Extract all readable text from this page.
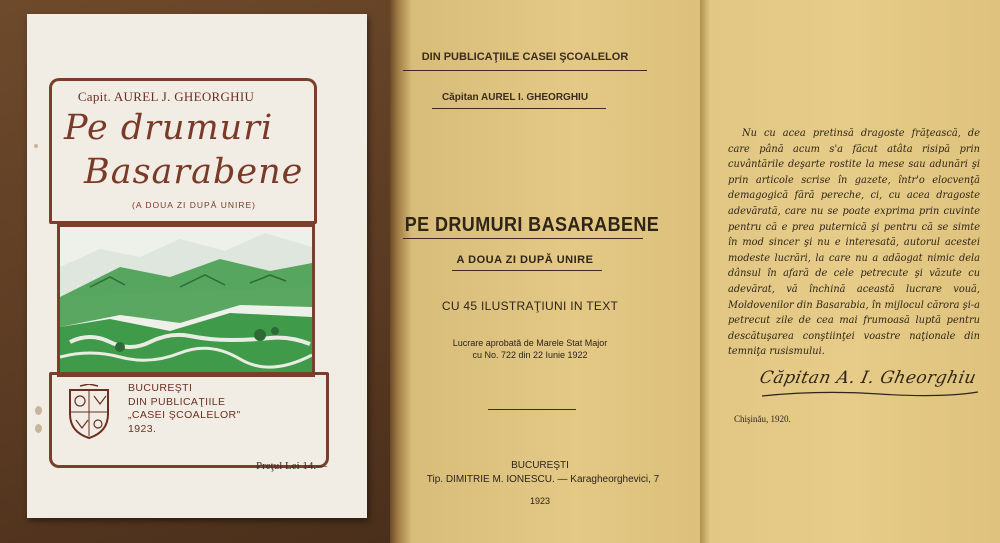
Capit. AUREL J. GHEORGHIU
Pe drumuri
Basarabene
(A DOUA ZI DUPĂ UNIRE)
BUCUREŞTI
DIN PUBLICAŢIILE
„CASEI ŞCOALELOR"
1923.
Preţul Lei 14.—
DIN PUBLICAŢIILE CASEI ŞCOALELOR
Căpitan AUREL I. GHEORGHIU
PE DRUMURI BASARABENE
A DOUA ZI DUPĂ UNIRE
CU 45 ILUSTRAŢIUNI IN TEXT
Lucrare aprobată de Marele Stat Major
cu No. 722 din 22 Iunie 1922
BUCUREŞTI
Tip. DIMITRIE M. IONESCU. — Karagheorghevici, 7
1923
Nu cu acea pretinsă dragoste frăţească, de care până acum s'a făcut atâta risipă prin cuvântările deşarte rostite la mese sau adunări şi prin articole scrise în gazete, într'o elocvenţă demagogică fără pereche, ci, cu acea dragoste adevărată, care nu se poate exprima prin cuvinte pentru că e prea puternică şi pentru că se simte în mod sincer şi nu e interesată, autorul acestei modeste lucrări, la care nu a adăogat nimic dela dânsul în afară de cele petrecute şi văzute cu adevărat, vă închină această lucrare vouă, Moldovenilor din Basarabia, în mijlocul cărora şi-a petrecut zile de cea mai frumoasă luptă pentru descătuşarea conştiinţei voastre naţionale din temniţa rusismului.
Căpitan A. I. Gheorghiu
Chişinău, 1920.
